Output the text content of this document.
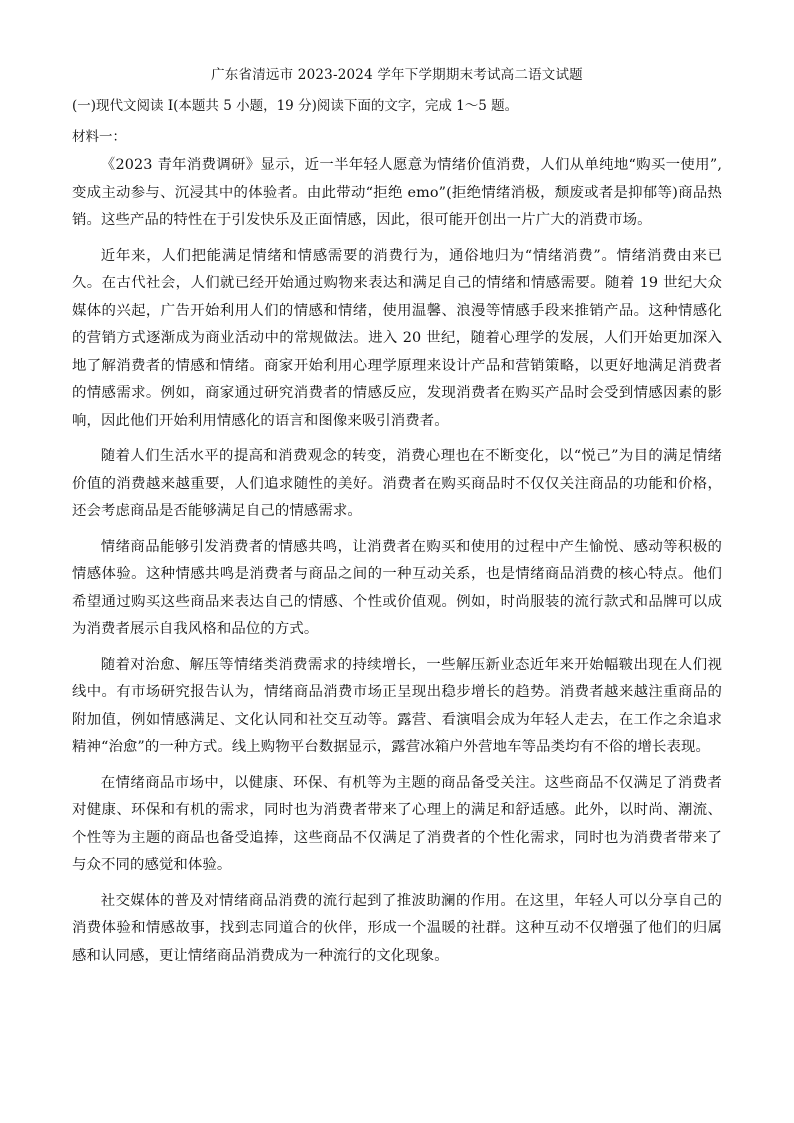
广东省清远市 2023-2024 学年下学期期末考试高二语文试题
(一)现代文阅读 I(本题共 5 小题，19 分)阅读下面的文字，完成 1～5 题。
材料一：

《2023 青年消费调研》显示，近一半年轻人愿意为情绪价值消费，人们从单纯地“购买一使用”,变成主动参与、沉浸其中的体验者。由此带动“拒绝 emo”(拒绝情绪消极，颓废或者是抑郁等)商品热销。这些产品的特性在于引发快乐及正面情感，因此，很可能开创出一片广大的消费市场。

近年来，人们把能满足情绪和情感需要的消费行为，通俗地归为“情绪消费”。情绪消费由来已久。在古代社会，人们就已经开始通过购物来表达和满足自己的情绪和情感需要。随着 19 世纪大众媒体的兴起，广告开始利用人们的情感和情绪，使用温馨、浪漫等情感手段来推销产品。这种情感化的营销方式逐渐成为商业活动中的常规做法。进入 20 世纪，随着心理学的发展，人们开始更加深入地了解消费者的情感和情绪。商家开始利用心理学原理来设计产品和营销策略，以更好地满足消费者的情感需求。例如，商家通过研究消费者的情感反应，发现消费者在购买产品时会受到情感因素的影响，因此他们开始利用情感化的语言和图像来吸引消费者。

随着人们生活水平的提高和消费观念的转变，消费心理也在不断变化，以“悦己”为目的满足情绪价值的消费越来越重要，人们追求随性的美好。消费者在购买商品时不仅仅关注商品的功能和价格，还会考虑商品是否能够满足自己的情感需求。

情绪商品能够引发消费者的情感共鸣，让消费者在购买和使用的过程中产生愉悦、感动等积极的情感体验。这种情感共鸣是消费者与商品之间的一种互动关系，也是情绪商品消费的核心特点。他们希望通过购买这些商品来表达自己的情感、个性或价值观。例如，时尚服装的流行款式和品牌可以成为消费者展示自我风格和品位的方式。

随着对治愈、解压等情绪类消费需求的持续增长，一些解压新业态近年来开始幅皲出现在人们视线中。有市场研究报告认为，情绪商品消费市场正呈现出稳步增长的趋势。消费者越来越注重商品的附加值，例如情感满足、文化认同和社交互动等。露营、看演唱会成为年轻人走去，在工作之余追求精神“治愈”的一种方式。线上购物平台数据显示，露营冰箱户外营地车等品类均有不俗的增长表现。

在情绪商品市场中，以健康、环保、有机等为主题的商品备受关注。这些商品不仅满足了消费者对健康、环保和有机的需求，同时也为消费者带来了心理上的满足和舒适感。此外，以时尚、潮流、个性等为主题的商品也备受追捧，这些商品不仅满足了消费者的个性化需求，同时也为消费者带来了与众不同的感觉和体验。

社交媒体的普及对情绪商品消费的流行起到了推波助澜的作用。在这里，年轻人可以分享自己的消费体验和情感故事，找到志同道合的伙伴，形成一个温暖的社群。这种互动不仅增强了他们的归属感和认同感，更让情绪商品消费成为一种流行的文化现象。
